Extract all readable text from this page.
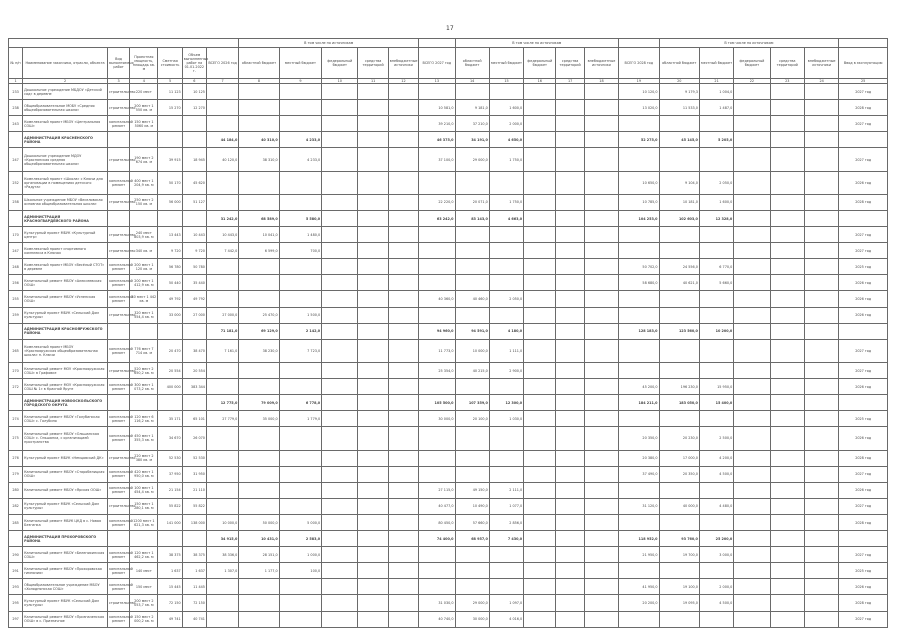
17
							В том числе по источникам						В том числе по источникам						В том числе по источникам					
№ п/п	Наименование заказчика, отрасли, объекта	Вид выполняемых работ	Проектная мощность, площадь кв. м	Сметная стоимость	Объем выполненных работ на 01.01.2022 г.	ВСЕГО 2026 год	областной бюджет	местный бюджет	федеральный бюджет	средства территорий	внебюджетные источники	ВСЕГО 2027 год	областной бюджет	местный бюджет	федеральный бюджет	средства территорий	внебюджетные источники	ВСЕГО 2028 год	областной бюджет	местный бюджет	федеральный бюджет	средства территорий	внебюджетные источники	Ввод в эксплуатацию
1	2	3	4	5	6	7	8	9	10	11	12	13	14	15	16	17	18	19	20	21	22	23	24	25
233	Дошкольное учреждение МБДОУ «Детский сад» в деревне	строительство	220 мест	11 123	10 125													10 120,0	9 179,3	1 004,0				2027 год
238	Общеобразовательное МОБУ «Средняя общеобразовательная школа»	строительство	200 мест 1 550 кв. м	15 270	12 270							10 581,0	9 181,0	1 600,0				13 020,0	11 533,0	1 487,0				2028 год
243	Комплексный проект МБОУ «Центральная СОШ»	капитальный ремонт	150 мест 1 5060 кв. м									39 210,0	37 210,0	2 000,0										2027 год
	АДМИНИСТРАЦИЯ КРАСНЕНСКОГО РАЙОНА					44 184,0	40 310,0	4 233,0				46 375,0	34 191,0	4 650,0				52 275,0	45 145,0	5 205,0				
247	Дошкольное учреждение МДОУ «Краснянская средняя общеобразовательная школа»	строительство	190 мест 2 674 кв. м	39 915	18 945	40 120,0	38 310,0	4 233,0				37 100,0	29 000,0	1 750,0										2027 год
252	Комплексный проект «Школа» с Ключи для организации в помещениях детского «Радуга»	капитальный ремонт	400 мест 1 204,9 кв. м	50 170	45 620													10 650,0	9 104,0	2 050,0				2026 год
258	Школьное учреждение МБОУ «Веселовская основная общеобразовательная школа»	строительство	250 мест 2 150 кв. м	56 000	51 127							22 220,0	20 071,0	1 750,0				10 785,0	10 181,0	1 600,0				2028 год
	АДМИНИСТРАЦИЯ КРАСНОГВАРДЕЙСКОГО РАЙОНА					31 242,0	68 589,0	5 580,0				63 242,0	83 143,0	4 663,0				104 253,0	102 603,0	12 328,0				
170	Культурный проект МБУК «Культурный центр»	строительство	240 мест 803,9 кв. м	13 443	10 443	10 443,0	10 041,0	1 480,0																2027 год
247	Комплексный проект спортивного комплекса в Ключах	строительство	340 кв. м	9 720	9 720	7 442,0	6 599,0	700,0																2027 год
248	Комплексный проект МБОУ «Весёлый СТОТ» в деревне	капитальный ремонт	200 мест 1 120 кв. м	56 780	50 780													50 702,0	24 556,0	6 770,0				2025 год
256	Капитальный ремонт МБОУ «Алексеевская ООШ»	капитальный ремонт	200 мест 1 412,9 кв. м	50 440	35 440													58 680,0	40 621,0	5 660,0				2026 год
255	Капитальный ремонт МБОУ «Успенская ООШ»	капитальный ремонт	40 мест 1 442 кв. м	49 792	49 792							40 360,0	40 460,0	2 050,0										2026 год
259	Культурный проект МБУК «Сельский Дом культуры»	строительство	320 мест 1 554,4 кв. м	33 000	27 000	27 000,0	25 470,0	1 500,0																2026 год
	АДМИНИСТРАЦИЯ КРАСНОЯРУЖСКОГО РАЙОНА					71 181,0	69 129,0	2 142,0				94 960,0	94 591,0	4 180,0				128 183,0	123 560,0	10 200,0				
265	Комплексный проект МБОУ «Краснояружская общеобразовательная школа» п. Ключи	капитальный ремонт	776 мест 7 714 кв. м	20 470	38 470	7 161,0	38 230,0	7 723,0				11 773,0	10 000,0	1 111,0										2027 год
270	Капитальный ремонт МОУ «Краснояружская СОШ» в Графовке	строительство	520 мест 2 650,2 кв. м	20 554	20 554							25 354,0	40 215,0	2 900,0										2027 год
272	Капитальный ремонт МОУ «Краснояружская СОШ № 1» в Красной Яруге	капитальный ремонт	300 мест 1 073,2 кв. м	400 000	383 344													45 200,0	196 230,0	15 950,0				2026 год
	АДМИНИСТРАЦИЯ НОВООСКОЛЬСКОГО ГОРОДСКОГО ОКРУГА					12 775,0	79 009,0	6 778,0				105 500,0	107 359,0	12 300,0				184 211,0	183 050,0	15 400,0				
274	Капитальный ремонт МБОУ «Голубинская СОШ» с. Голубино	капитальный ремонт	120 мест 6 116,2 кв. м	35 171	65 101	27 779,0	35 000,0	1 779,0				30 000,0	20 100,0	1 030,0										2025 год
275	Капитальный ремонт МБОУ «Ольшанская СОШ» с. Ольшанка, с организацией пространства	капитальный ремонт	450 мест 1 355,3 кв. м	34 670	26 070													20 350,0	20 230,0	2 500,0				2026 год
276	Культурный проект МБУК «Немцовский ДК»	строительство	220 мест 2 380 кв. м	52 530	52 530													20 380,0	17 000,0	4 200,0				2028 год
279	Капитальный ремонт МБОУ «Старобелицкая ООШ»	капитальный ремонт	420 мест 1 950,0 кв. м	37 950	31 950													37 490,0	20 350,0	4 500,0				2027 год
280	Капитальный ремонт МБОУ «Ярская ООШ»	капитальный ремонт	100 мест 1 454,4 кв. м	21 154	21 110							27 115,0	49 150,0	2 111,0										2026 год
282	Культурный проект МБУК «Сельский Дом культуры»	строительство	150 мест 1 280,1 кв. м	55 822	55 822							40 477,0	10 490,0	1 077,0				31 120,0	40 000,0	4 480,0				2027 год
285	Капитальный ремонт МБУК ЦКД в с. Новая Безгинка	капитальный ремонт	1200 мест 1 621,3 кв. м	141 000	138 000	10 000,0	50 000,0	5 000,0				80 450,0	57 660,0	2 856,0										2028 год
	АДМИНИСТРАЦИЯ ПРОХОРОВСКОГО РАЙОНА					34 915,0	10 431,0	2 583,0				74 400,0	68 957,0	7 430,0				118 952,0	93 760,0	25 200,0				
290	Капитальный ремонт МБОУ «Беленихинская СОШ»	капитальный ремонт	120 мест 1 462,2 кв. м	38 375	38 375	38 336,0	28 151,0	1 000,0										21 950,0	19 700,0	3 000,0				2027 год
291	Капитальный ремонт МБОУ «Прохоровская гимназия»	капитальный ремонт	140 мест	1 637	1 637	1 307,0	1 177,0	100,0																2025 год
293	Общеобразовательное учреждение МБОУ «Холоднянская СОШ»	капитальный ремонт	150 мест	15 445	11 445													41 950,0	19 100,0	2 000,0				2026 год
295	Культурный проект МБУК «Сельский Дом культуры»	строительство	200 мест 2 053,7 кв. м	72 150	72 150							31 030,0	29 000,0	1 097,0				20 200,0	19 095,0	4 500,0				2028 год
297	Капитальный ремонт МБОУ «Призначенская ООШ» в с. Призначное	капитальный ремонт	150 мест 2 000,2 кв. м	49 741	40 741							40 740,0	30 000,0	4 016,0										2027 год
